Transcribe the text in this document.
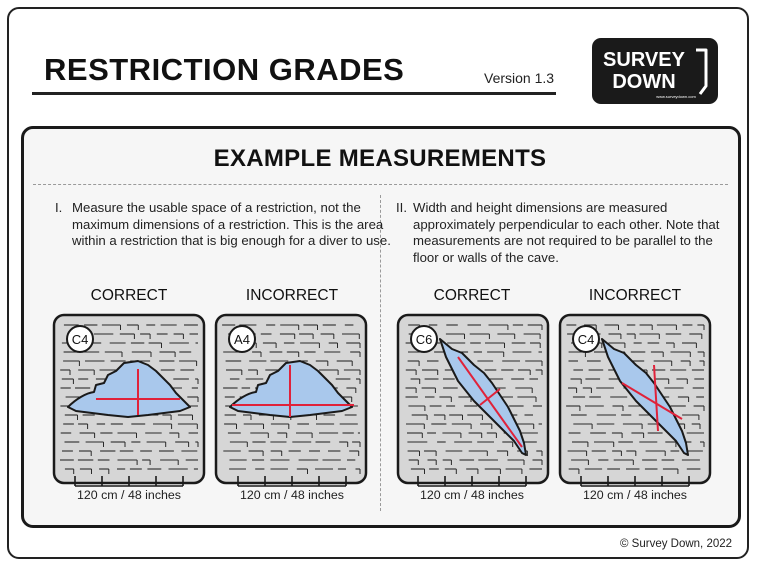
RESTRICTION GRADES	Version 1.3
SURVEY
DOWN
www.surveydown.com
EXAMPLE MEASUREMENTS
I. Measure the usable space of a restriction, not the maximum dimensions of a restriction. This is the area within a restriction that is big enough for a diver to use.
II. Width and height dimensions are measured approximately perpendicular to each other. Note that measurements are not required to be parallel to the floor or walls of the cave.
CORRECT
C4
120 cm / 48 inches
INCORRECT
A4
120 cm / 48 inches
CORRECT
C6
120 cm / 48 inches
INCORRECT
C4
120 cm / 48 inches
© Survey Down, 2022
